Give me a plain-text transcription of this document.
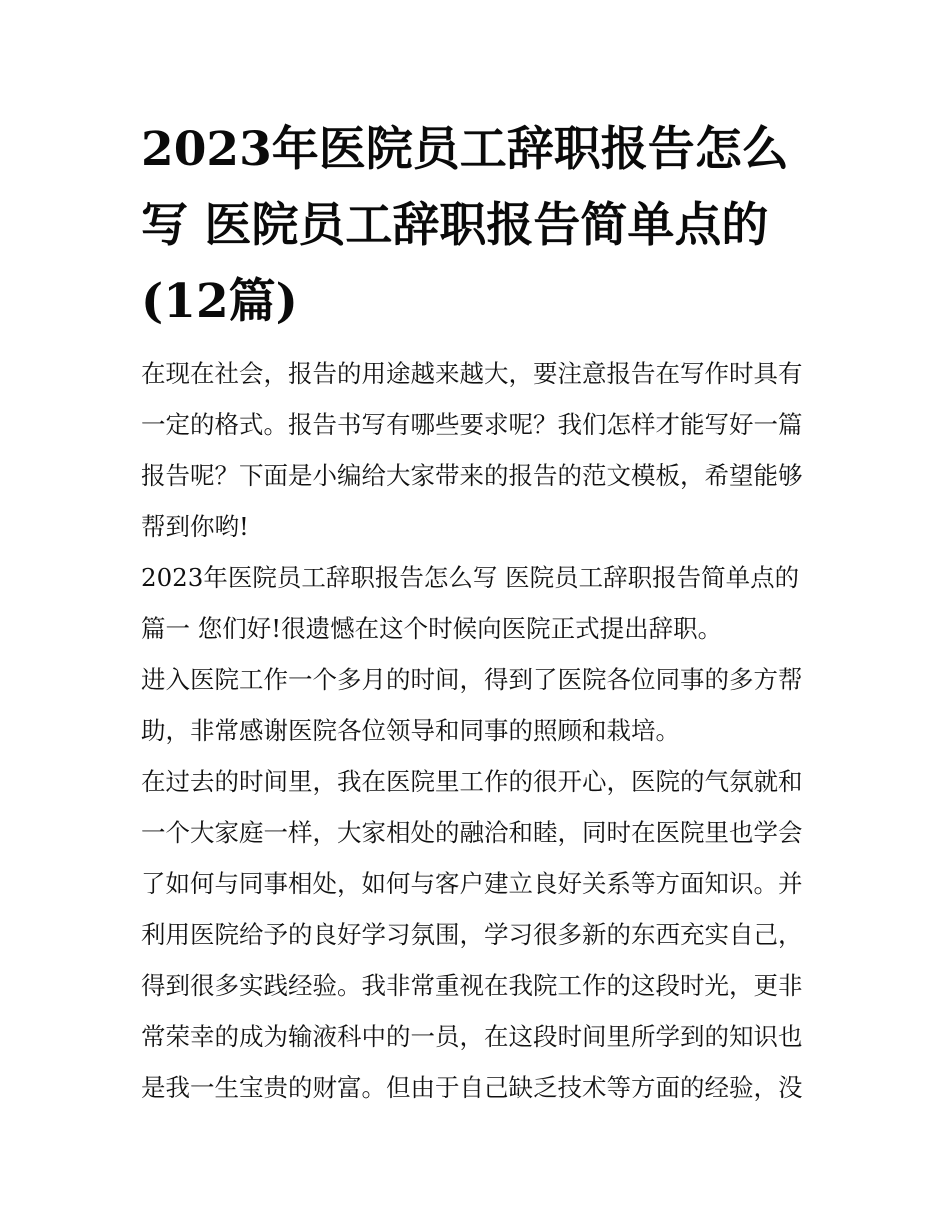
2023年医院员工辞职报告怎么写 医院员工辞职报告简单点的(12篇)

在现在社会，报告的用途越来越大，要注意报告在写作时具有一定的格式。报告书写有哪些要求呢？我们怎样才能写好一篇报告呢？下面是小编给大家带来的报告的范文模板，希望能够帮到你哟!

2023年医院员工辞职报告怎么写 医院员工辞职报告简单点的篇一 您们好!很遗憾在这个时候向医院正式提出辞职。

进入医院工作一个多月的时间，得到了医院各位同事的多方帮助，非常感谢医院各位领导和同事的照顾和栽培。

在过去的时间里，我在医院里工作的很开心，医院的气氛就和一个大家庭一样，大家相处的融洽和睦，同时在医院里也学会了如何与同事相处，如何与客户建立良好关系等方面知识。并利用医院给予的良好学习氛围，学习很多新的东西充实自己，得到很多实践经验。我非常重视在我院工作的这段时光，更非常荣幸的成为输液科中的一员，在这段时间里所学到的知识也是我一生宝贵的财富。但由于自己缺乏技术等方面的经验，没
